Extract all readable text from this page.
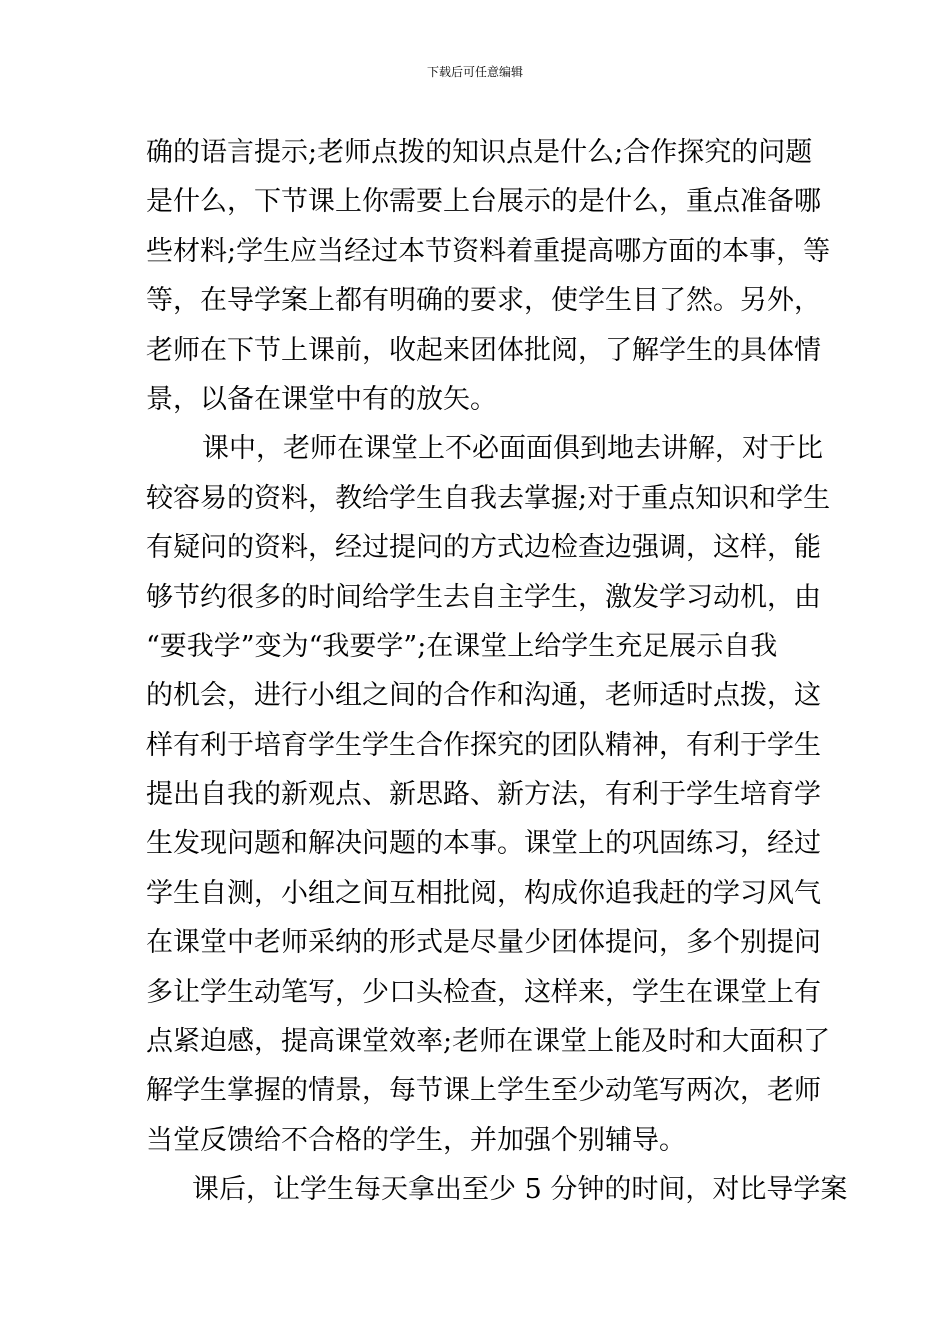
下载后可任意编辑
确的语言提示;老师点拨的知识点是什么;合作探究的问题
是什么，下节课上你需要上台展示的是什么，重点准备哪
些材料;学生应当经过本节资料着重提高哪方面的本事，等
等，在导学案上都有明确的要求，使学生目了然。另外，
老师在下节上课前，收起来团体批阅，了解学生的具体情
景，以备在课堂中有的放矢。
课中，老师在课堂上不必面面俱到地去讲解，对于比
较容易的资料，教给学生自我去掌握;对于重点知识和学生
有疑问的资料，经过提问的方式边检查边强调，这样，能
够节约很多的时间给学生去自主学生，激发学习动机，由
“要我学”变为“我要学”;在课堂上给学生充足展示自我
的机会，进行小组之间的合作和沟通，老师适时点拨，这
样有利于培育学生学生合作探究的团队精神，有利于学生
提出自我的新观点、新思路、新方法，有利于学生培育学
生发现问题和解决问题的本事。课堂上的巩固练习，经过
学生自测，小组之间互相批阅，构成你追我赶的学习风气
在课堂中老师采纳的形式是尽量少团体提问，多个别提问
多让学生动笔写，少口头检查，这样来，学生在课堂上有
点紧迫感，提高课堂效率;老师在课堂上能及时和大面积了
解学生掌握的情景，每节课上学生至少动笔写两次，老师
当堂反馈给不合格的学生，并加强个别辅导。
课后，让学生每天拿出至少 5 分钟的时间，对比导学案
